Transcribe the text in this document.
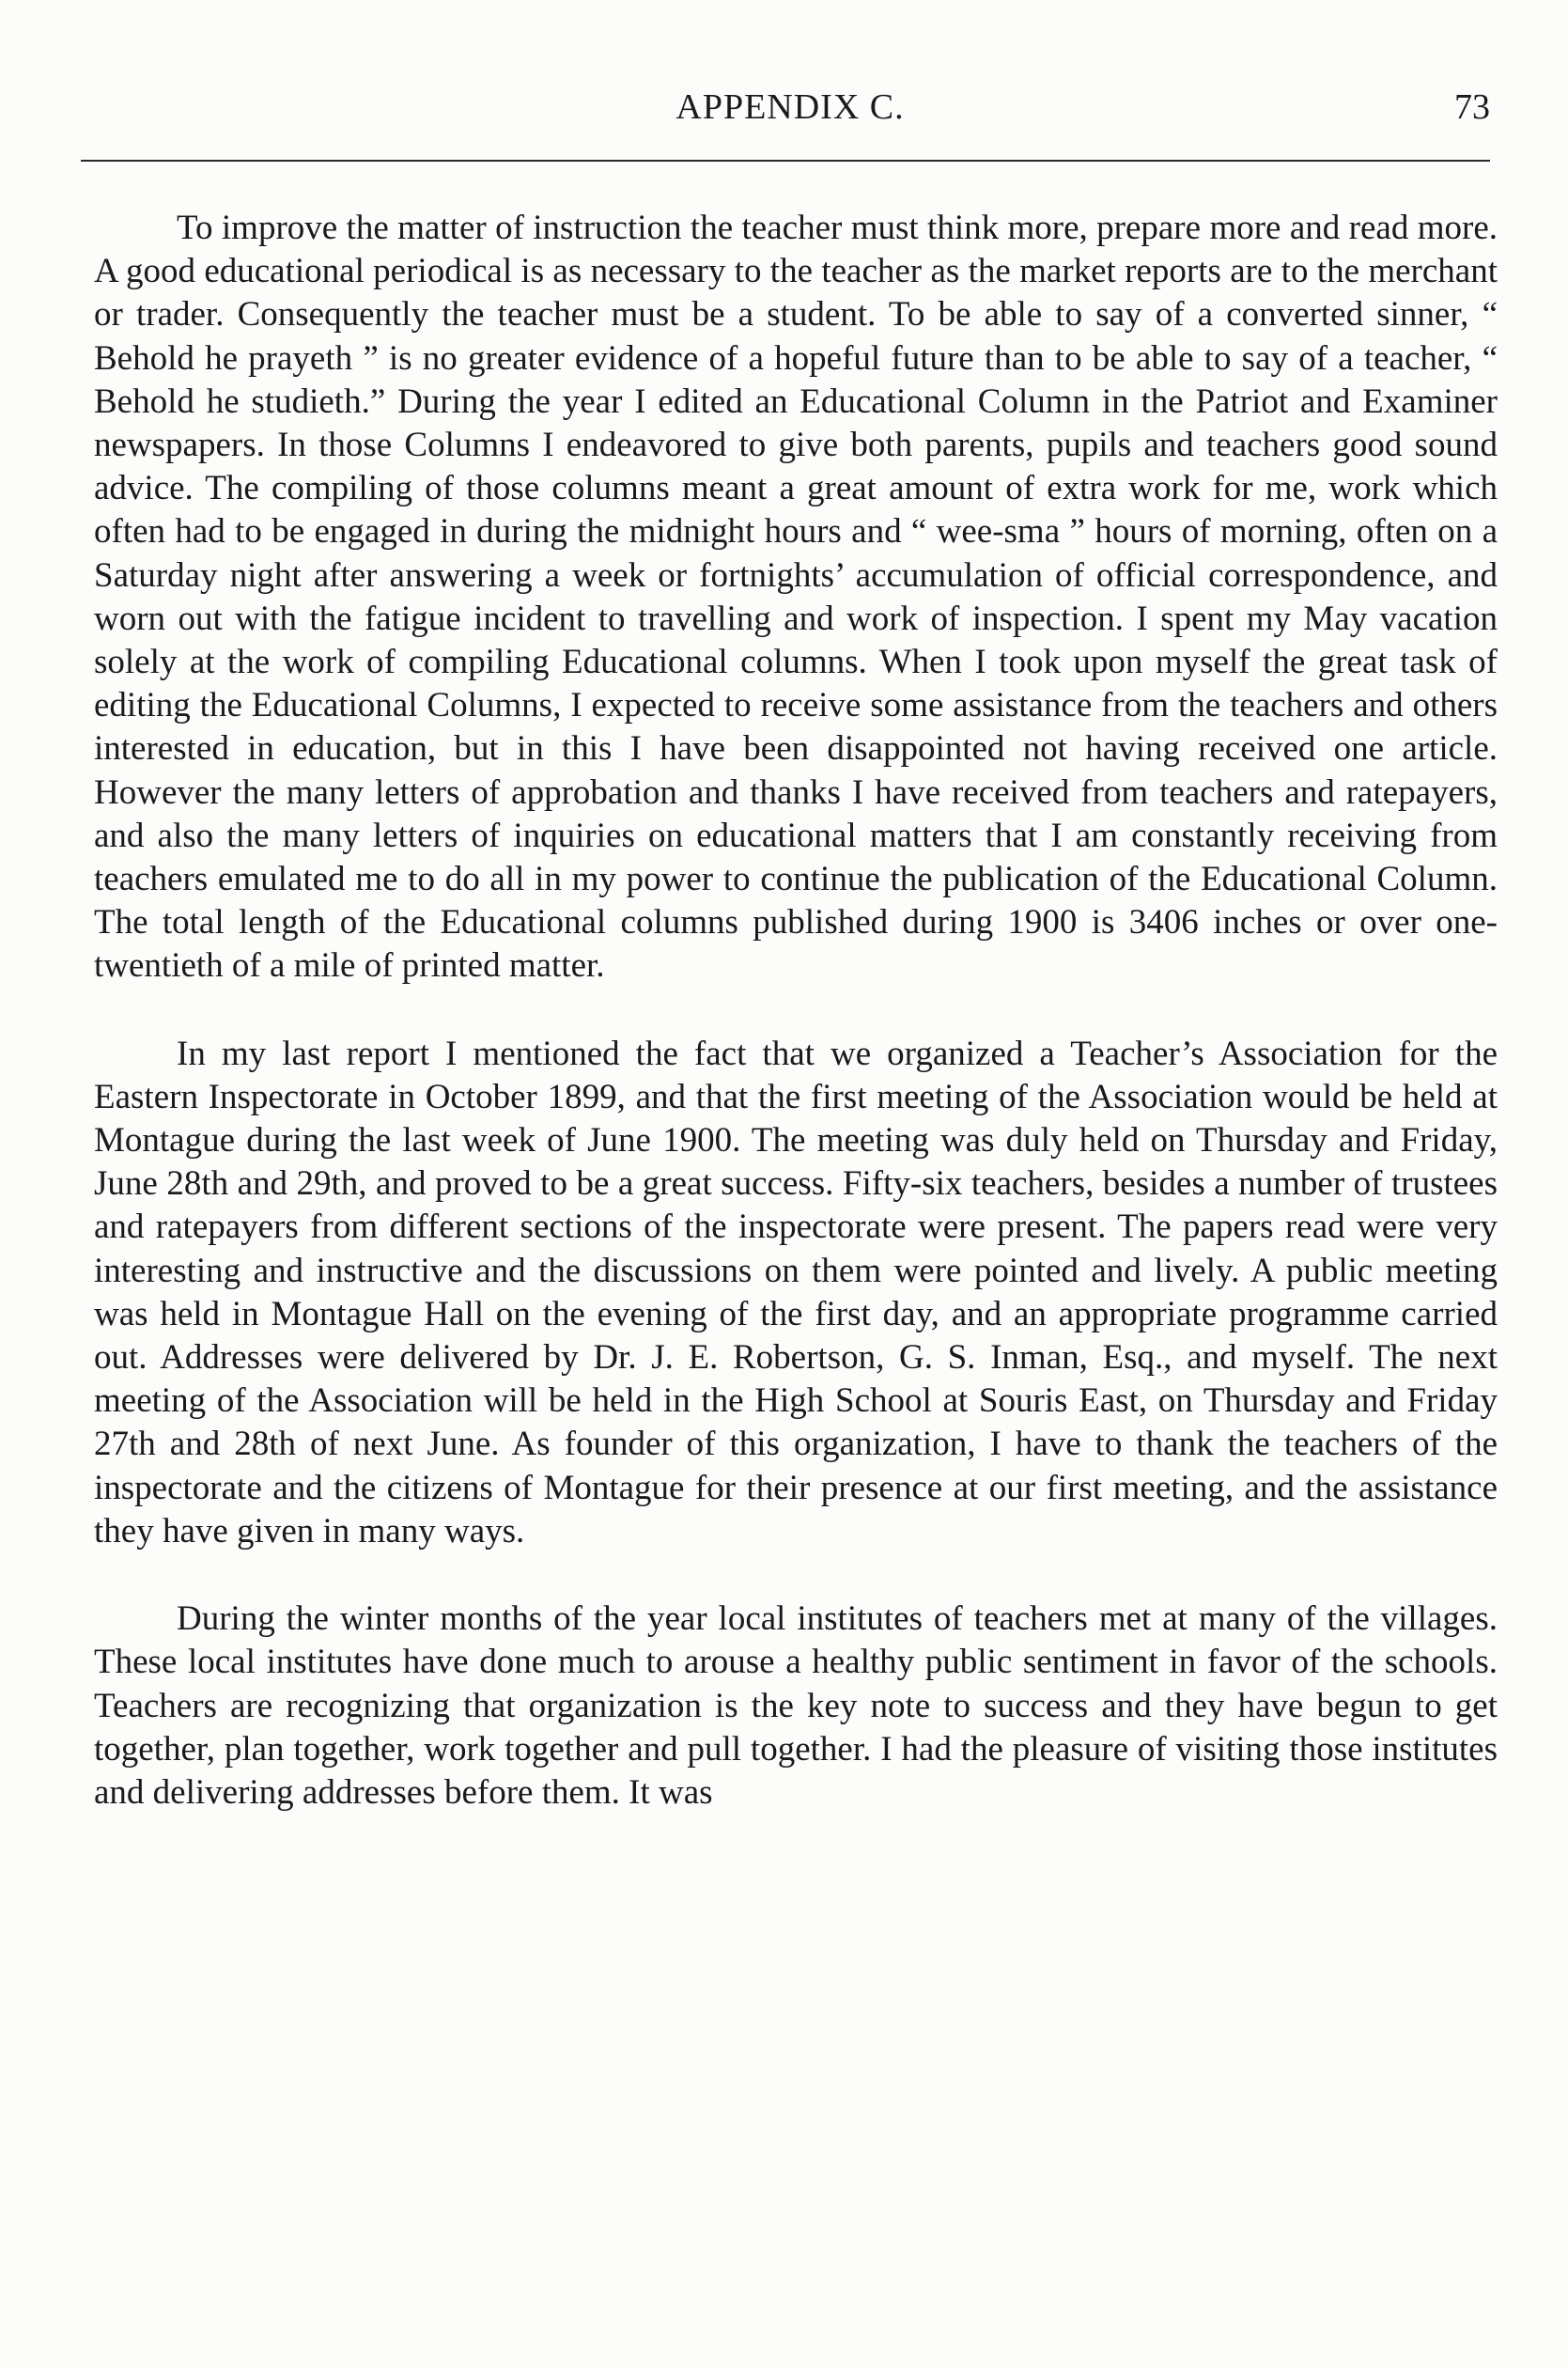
APPENDIX C.	73

To improve the matter of instruction the teacher must think more, prepare more and read more. A good educational periodical is as necessary to the teacher as the market reports are to the merchant or trader. Consequently the teacher must be a student. To be able to say of a converted sinner, “ Behold he prayeth ” is no greater evidence of a hopeful future than to be able to say of a teacher, “ Behold he studieth.” During the year I edited an Educational Column in the Patriot and Examiner newspapers. In those Columns I endeavored to give both parents, pupils and teachers good sound advice. The compiling of those columns meant a great amount of extra work for me, work which often had to be engaged in during the midnight hours and “ wee-sma ” hours of morning, often on a Saturday night after answering a week or fortnights’ accumulation of official correspondence, and worn out with the fatigue incident to travelling and work of inspection. I spent my May vacation solely at the work of compiling Educational columns. When I took upon myself the great task of editing the Educational Columns, I expected to receive some assistance from the teachers and others interested in education, but in this I have been disappointed not having received one article. However the many letters of approbation and thanks I have received from teachers and ratepayers, and also the many letters of inquiries on educational matters that I am constantly receiving from teachers emulated me to do all in my power to continue the publication of the Educational Column. The total length of the Educational columns published during 1900 is 3406 inches or over one-twentieth of a mile of printed matter.

In my last report I mentioned the fact that we organized a Teacher’s Association for the Eastern Inspectorate in October 1899, and that the first meeting of the Association would be held at Montague during the last week of June 1900. The meeting was duly held on Thursday and Friday, June 28th and 29th, and proved to be a great success. Fifty-six teachers, besides a number of trustees and ratepayers from different sections of the inspectorate were present. The papers read were very interesting and instructive and the discussions on them were pointed and lively. A public meeting was held in Montague Hall on the evening of the first day, and an appropriate programme carried out. Addresses were delivered by Dr. J. E. Robertson, G. S. Inman, Esq., and myself. The next meeting of the Association will be held in the High School at Souris East, on Thursday and Friday 27th and 28th of next June. As founder of this organization, I have to thank the teachers of the inspectorate and the citizens of Montague for their presence at our first meeting, and the assistance they have given in many ways.

During the winter months of the year local institutes of teachers met at many of the villages. These local institutes have done much to arouse a healthy public sentiment in favor of the schools. Teachers are recognizing that organization is the key note to success and they have begun to get together, plan together, work together and pull together. I had the pleasure of visiting those institutes and delivering addresses before them. It was
